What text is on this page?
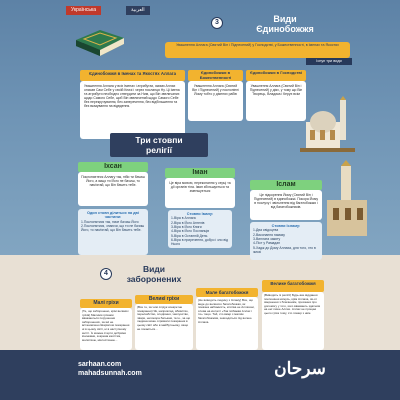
Українська	العربية
3	Види
Єдинобожжя
Увашнення Аллага (Святий Він і Піднесений) у Господстві, у Божественності, в Іменах та Якостях
Існує три види
Єдинобожжя в Іменах та Якостях Аллага
Увашнення Аллага у всіх Іменах і атрибутах, якими Аллах описав Сам Себе у своїй Книзі і через посланця Ну. Ці Імена та атрибути необхідно ствердити за Ним, що Він звеличаних щодо Самого Себе, щоб Він звеличений щодо Самого Себе без перекручування, без заперечення, без відбільшення та без вказування на відвдення.
Єдинобожжя в Божественності
Увашнення Аллага (Святий Він і Піднесений) у поклонінні Йому тобто у діяннях рабів
Єдинобожжя в Господстві
Увашнення Аллага (Святий Він і Піднесений) у діях, у тому що Він Творець, Владика і Керує всім
Три стовпи
релігії
Іхсан
Поклоняєтеся Аллагу так, ніби ти бачиш Його, а якщо ти Його не бачиш, то пам'ятай, що Він бачить тебе.
Один стовп ділиться на дві частини:
1.Поклонятися так, наче бачиш Його
2.Поклонятися, знаючи, що ти не бачиш Його, то пам'ятай, що Він бачить тебе.
Іман
Це віра мовою, переконання у серці та дії органів тіла. Іман збільшується та зменшується
Стовпи Іману:
1-Віра в Аллага
2-Віра в Його Ангелів
3-Віра в Його Книги
4-Віра в Його Посланців
5-Віра в Останній День
6-Віра в приречення, добро і зло від Нього
Іслам
Це підкорення Йому (Святий Він і Піднесений) в єдинобожжі. Покора Йому в послуху і звільнення від багатобожжя і від багатобожників.
Стовпи Ісламу:
1-Два свідоцтва
2-Виконання намазу
3-Виплата закяту
4-Піст у Рамадан
5-Хадж до Дому Аллаха, для того, хто в змозі
4	Види
заборонених
Малі гріхи
(Те, що заборонено, крім великих гріхів) Малими гріхами вважаються порушення заборонених, за які не встановлено Шаріатом покарання ні в цьому світі, ні в наступному житті. Їх можна стерти добрими вчинками, зокрема каяттям, молитвою, милостинею...
Великі гріхи
(Все те, за чим слідує конкретне покарання) Як, наприклад, вбивство, перелюбство, злодіяння, чаклунство, чвари, непокора батькам, та ін., за що людина може отримати покарання в цьому світі або в майбутньому, якщо не покається...
Мале багатобожжя
(Не виводить людину з Ісламу) Все, що веде до великого багатобожжя, як показна набожність, клятва не Аллахом, слова на кшталт «Так побажав Аллах і ти» тощо. Той, хто вмер з малим багатобожжям, знаходиться під волею Аллаха.
Велике багатобожжя
(Виводить із релігії) Будь-яке віддання поклоніння комусь, крім Аллаха, як-от звернення з благанням, прохання про допомогу у того, кого вважають здатним на неї лише Аллах. Аллах не прощає цього гріха тому, хто помер з ним.
sarhaan.com
mahadsunnah.com	سرحان
